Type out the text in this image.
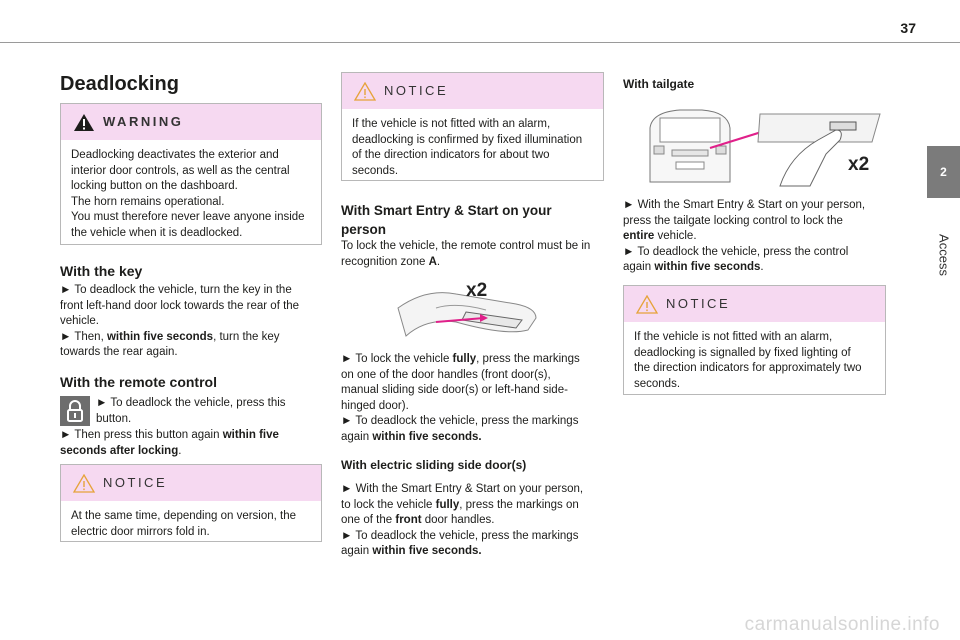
37
2
Access
Deadlocking
WARNING
Deadlocking deactivates the exterior and
interior door controls, as well as the central
locking button on the dashboard.
The horn remains operational.
You must therefore never leave anyone inside
the vehicle when it is deadlocked.
With the key
► To deadlock the vehicle, turn the key in the
front left-hand door lock towards the rear of the
vehicle.
► Then, within five seconds, turn the key
towards the rear again.
With the remote control
► To deadlock the vehicle, press this
button.
► Then press this button again within five
seconds after locking.
NOTICE
At the same time, depending on version, the
electric door mirrors fold in.
NOTICE
If the vehicle is not fitted with an alarm,
deadlocking is confirmed by fixed illumination
of the direction indicators for about two
seconds.
With Smart Entry & Start on your
person
To lock the vehicle, the remote control must be in
recognition zone A.
x2
► To lock the vehicle fully, press the markings
on one of the door handles (front door(s),
manual sliding side door(s) or left-hand side-
hinged door).
► To deadlock the vehicle, press the markings
again within five seconds.
With electric sliding side door(s)
► With the Smart Entry & Start on your person,
to lock the vehicle fully, press the markings on
one of the front door handles.
► To deadlock the vehicle, press the markings
again within five seconds.
With tailgate
x2
► With the Smart Entry & Start on your person,
press the tailgate locking control to lock the
entire vehicle.
► To deadlock the vehicle, press the control
again within five seconds.
NOTICE
If the vehicle is not fitted with an alarm,
deadlocking is signalled by fixed lighting of
the direction indicators for approximately two
seconds.
carmanualsonline.info
